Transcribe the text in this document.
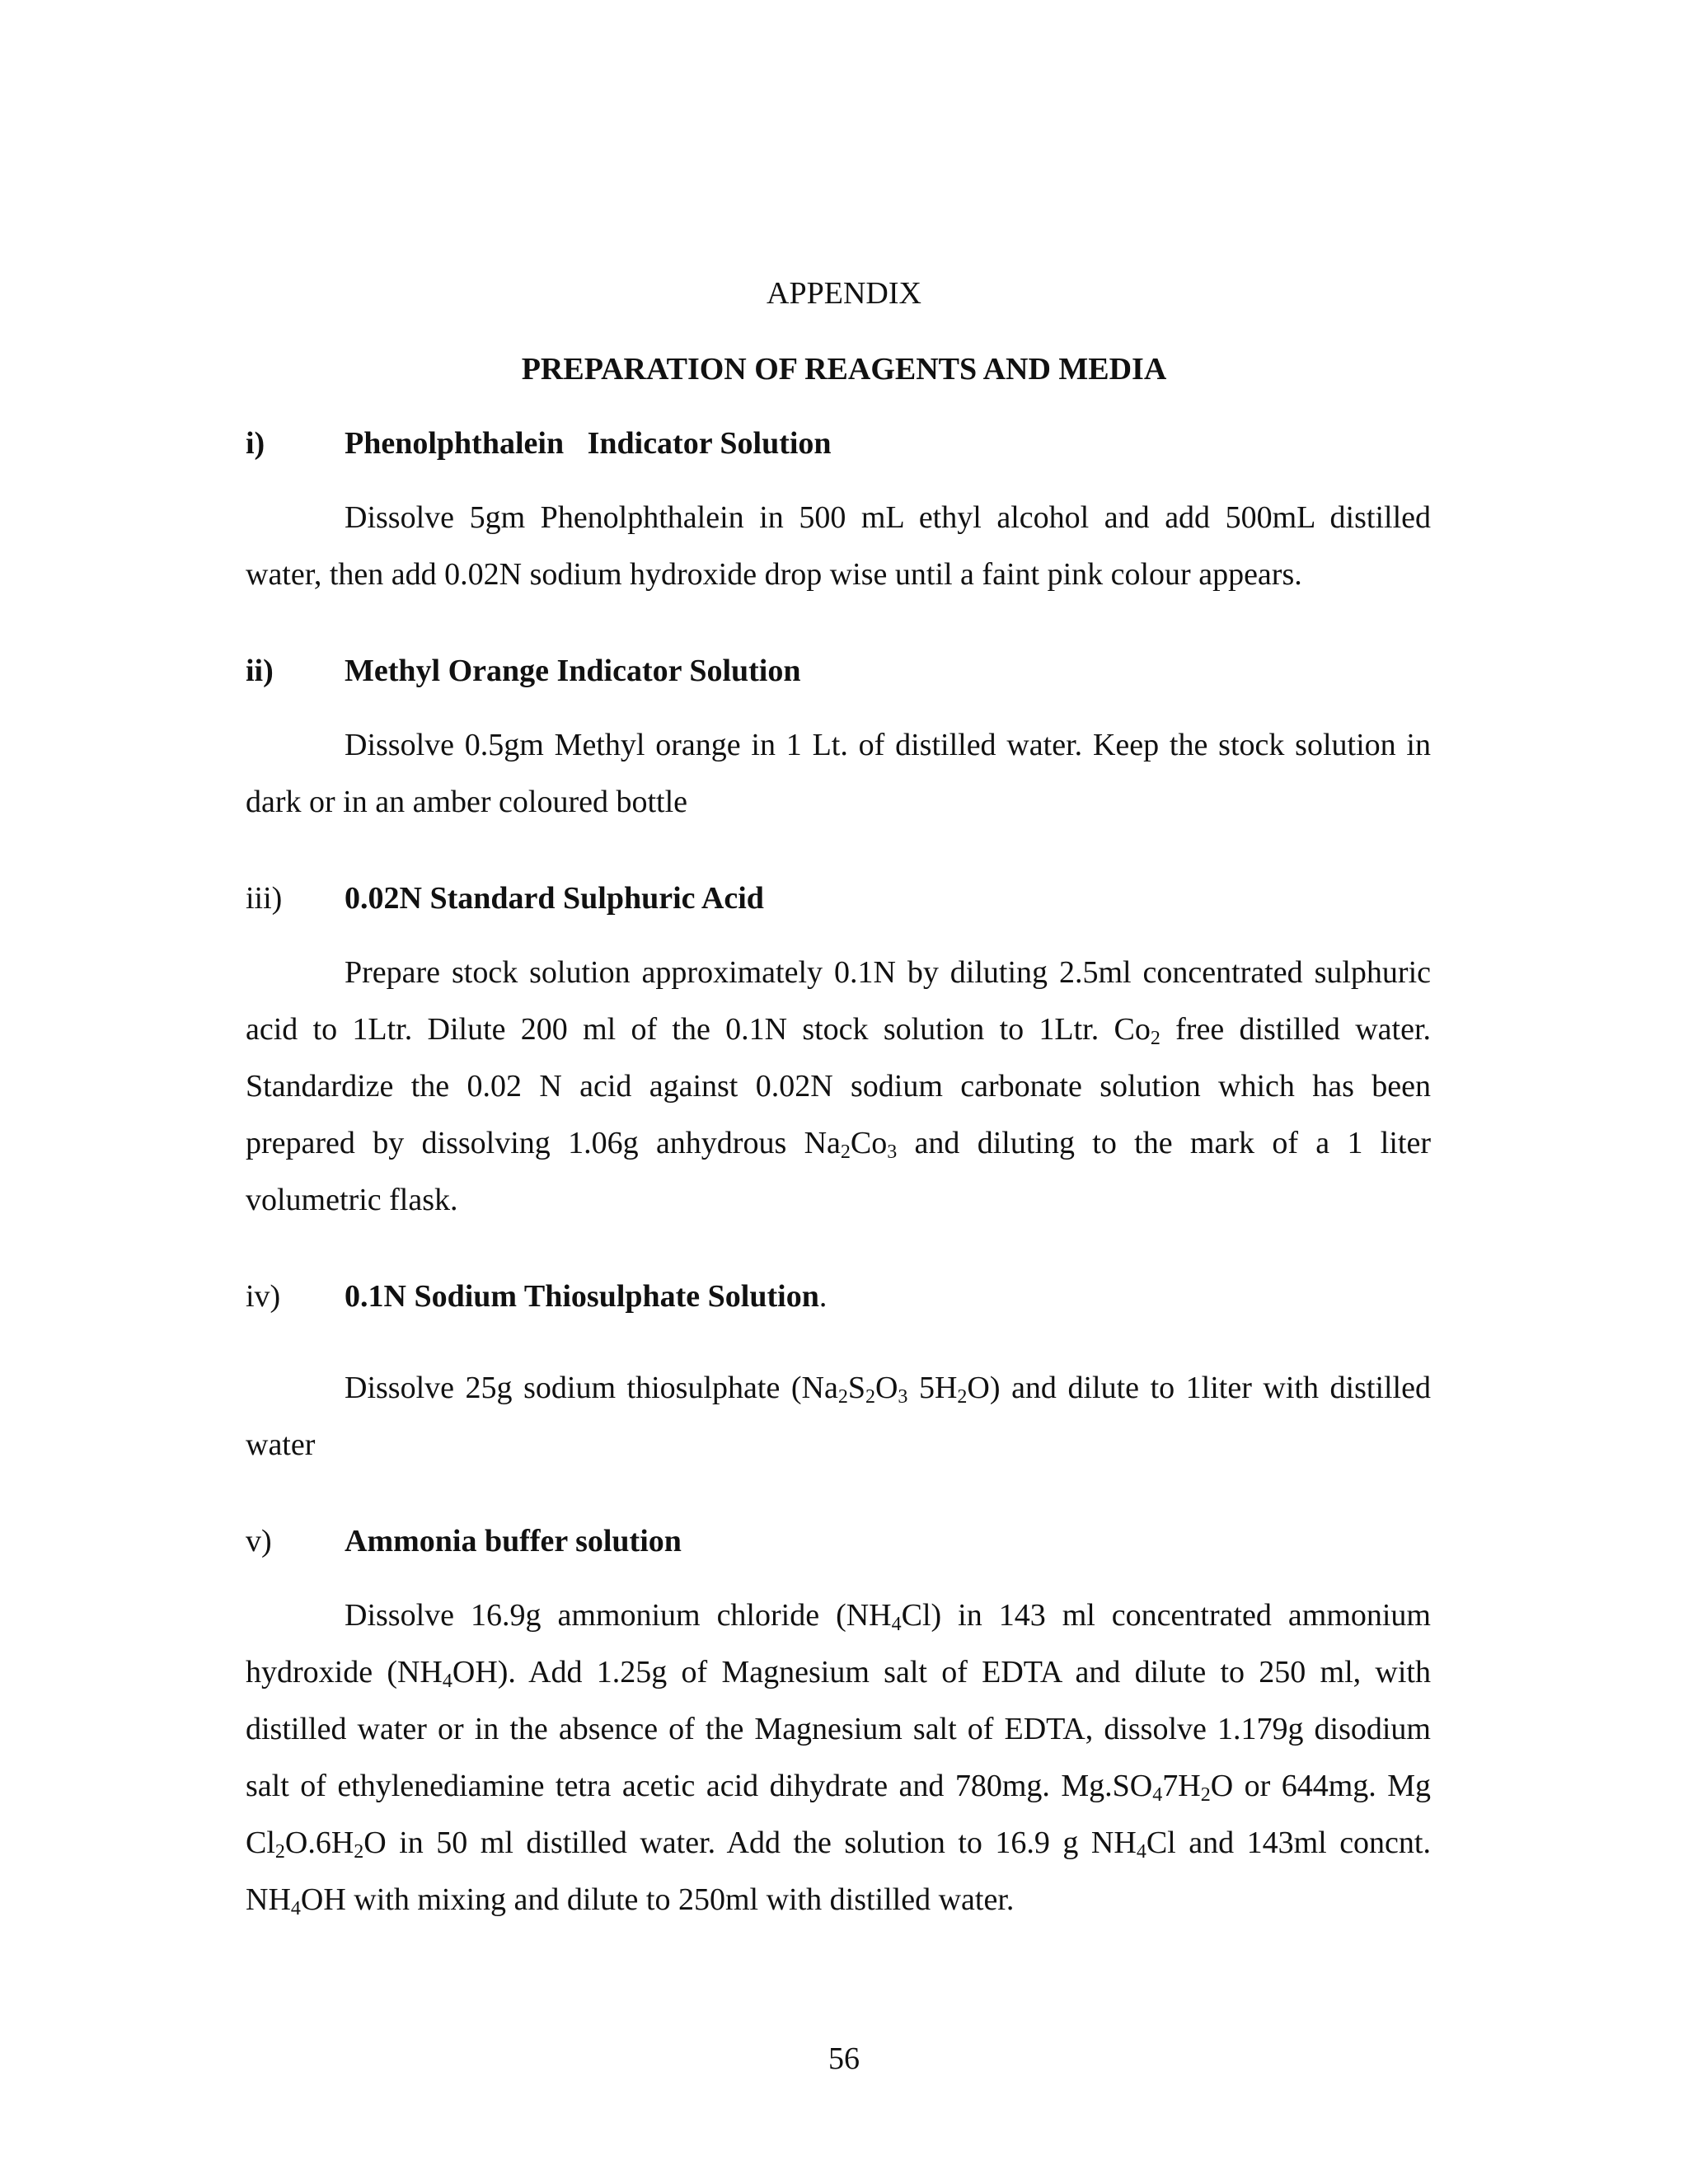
APPENDIX
PREPARATION OF REAGENTS AND MEDIA
i)	Phenolphthalein   Indicator Solution

Dissolve 5gm Phenolphthalein in 500 mL ethyl alcohol and add 500mL distilled water, then add 0.02N sodium hydroxide drop wise until a faint pink colour appears.

ii) Methyl Orange Indicator Solution

Dissolve 0.5gm Methyl orange in 1 Lt. of distilled water. Keep the stock solution in dark or in an amber coloured bottle

iii) 0.02N Standard Sulphuric Acid

Prepare stock solution approximately 0.1N by diluting 2.5ml concentrated sulphuric acid to 1Ltr. Dilute 200 ml of the 0.1N stock solution to 1Ltr. $Co_2$ free distilled water. Standardize the 0.02 N acid against 0.02N sodium carbonate solution which has been prepared by dissolving 1.06g anhydrous $Na_2Co_3$ and diluting to the mark of a 1 liter volumetric flask.

iv) 0.1N Sodium Thiosulphate Solution.

Dissolve 25g sodium thiosulphate ($Na_2S_2O_3$ $5H_2O$) and dilute to 1liter with distilled water

v) Ammonia buffer solution

Dissolve 16.9g ammonium chloride $(NH_4Cl)$ in 143 ml concentrated ammonium hydroxide $(NH_4OH)$. Add 1.25g of Magnesium salt of EDTA and dilute to 250 ml, with distilled water or in the absence of the Magnesium salt of EDTA, dissolve 1.179g disodium salt of ethylenediamine tetra acetic acid dihydrate and 780mg. $Mg.SO_47H_2O$ or 644mg. Mg $Cl_2O.6H_2O$ in 50 ml distilled water. Add the solution to 16.9 g $NH_4Cl$ and 143ml concnt. $NH_4OH$ with mixing and dilute to 250ml with distilled water.

56
